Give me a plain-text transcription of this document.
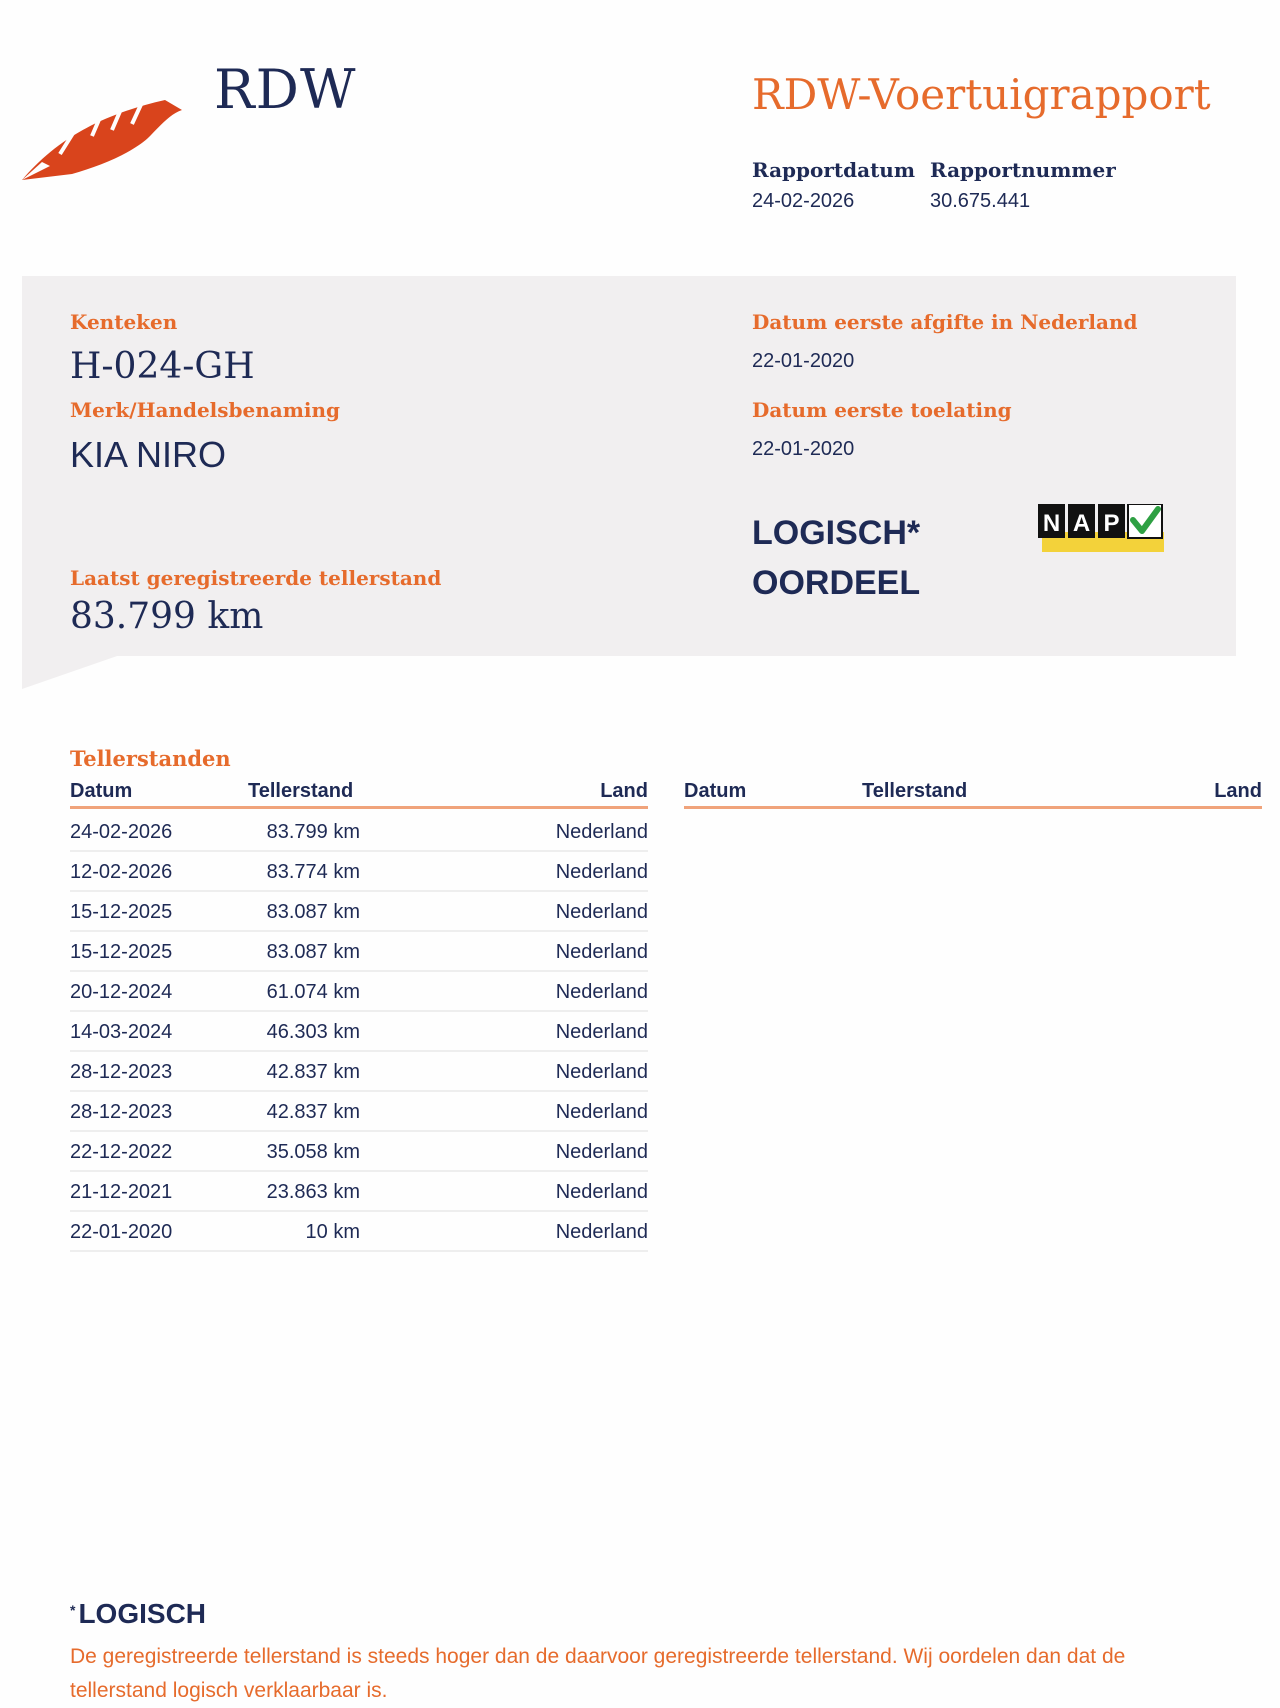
RDW	RDW-Voertuigrapport
Rapportdatum
24-02-2026
Rapportnummer
30.675.441
Kenteken
H-024-GH
Merk/Handelsbenaming
KIA NIRO
Laatst geregistreerde tellerstand
83.799 km
Datum eerste afgifte in Nederland
22-01-2020
Datum eerste toelating
22-01-2020
LOGISCH*
OORDEEL
N A P
Tellerstanden
Datum	Tellerstand	Land Datum	Tellerstand	Land
24-02-2026	83.799 km	Nederland
12-02-2026	83.774 km	Nederland
15-12-2025	83.087 km	Nederland
15-12-2025	83.087 km	Nederland
20-12-2024	61.074 km	Nederland
14-03-2024	46.303 km	Nederland
28-12-2023	42.837 km	Nederland
28-12-2023	42.837 km	Nederland
22-12-2022	35.058 km	Nederland
21-12-2021	23.863 km	Nederland
22-01-2020	10 km	Nederland
* LOGISCH
De geregistreerde tellerstand is steeds hoger dan de daarvoor geregistreerde tellerstand. Wij oordelen dan dat de tellerstand logisch verklaarbaar is.
